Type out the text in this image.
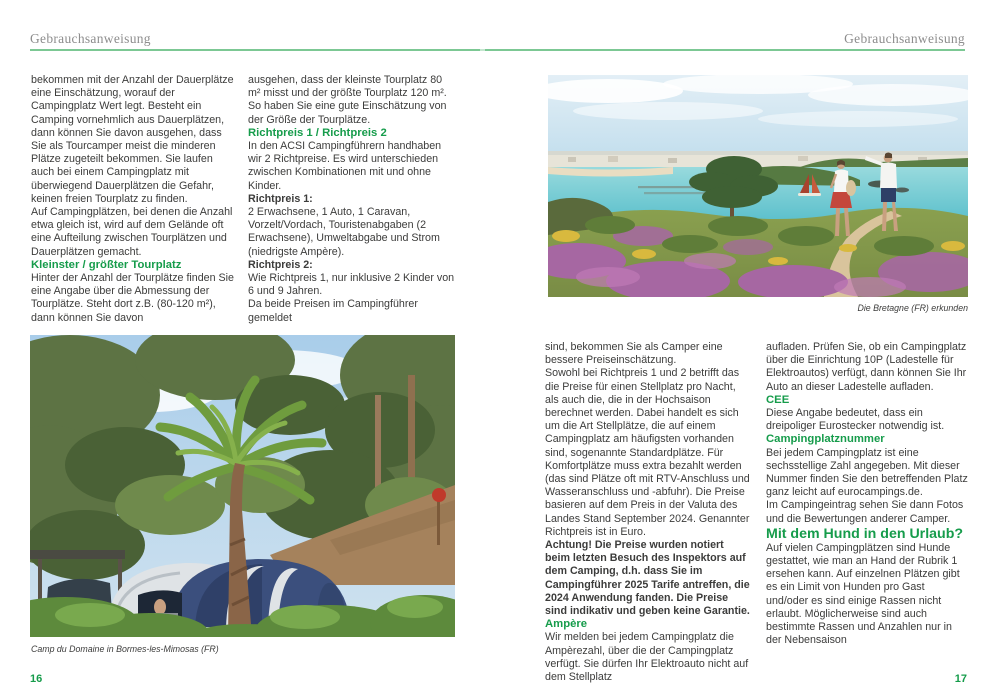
Gebrauchsanweisung	Gebrauchsanweisung

bekommen mit der Anzahl der Dauerplätze eine Einschätzung, worauf der Campingplatz Wert legt. Besteht ein Camping vornehmlich aus Dauerplätzen, dann können Sie davon ausgehen, dass Sie als Tourcamper meist die minderen Plätze zugeteilt bekommen. Sie laufen auch bei einem Campingplatz mit überwiegend Dauerplätzen die Gefahr, keinen freien Tourplatz zu finden.

Auf Campingplätzen, bei denen die Anzahl etwa gleich ist, wird auf dem Gelände oft eine Aufteilung zwischen Tourplätzen und Dauerplätzen gemacht.

Kleinster / größter Tourplatz

Hinter der Anzahl der Tourplätze finden Sie eine Angabe über die Abmessung der Tourplätze. Steht dort z.B. (80-120 m²), dann können Sie davon

ausgehen, dass der kleinste Tourplatz 80 m² misst und der größte Tourplatz 120 m². So haben Sie eine gute Einschätzung von der Größe der Tourplätze.

Richtpreis 1 / Richtpreis 2

In den ACSI Campingführern handhaben wir 2 Richtpreise. Es wird unterschieden zwischen Kombinationen mit und ohne Kinder.

Richtpreis 1:

2 Erwachsene, 1 Auto, 1 Caravan, Vorzelt/Vordach, Touristenabgaben (2 Erwachsene), Umweltabgabe und Strom (niedrigste Ampère).

Richtpreis 2:

Wie Richtpreis 1, nur inklusive 2 Kinder von 6 und 9 Jahren.

Da beide Preisen im Campingführer gemeldet

Camp du Domaine in Bormes-les-Mimosas (FR)
Die Bretagne (FR) erkunden

sind, bekommen Sie als Camper eine bessere Preiseinschätzung.

Sowohl bei Richtpreis 1 und 2 betrifft das die Preise für einen Stellplatz pro Nacht, als auch die, die in der Hochsaison berechnet werden. Dabei handelt es sich um die Art Stellplätze, die auf einem Campingplatz am häufigsten vorhanden sind, sogenannte Standardplätze. Für Komfortplätze muss extra bezahlt werden (das sind Plätze oft mit RTV-Anschluss und Wasseranschluss und -abfuhr). Die Preise basieren auf dem Preis in der Valuta des Landes Stand September 2024. Genannter Richtpreis ist in Euro.

Achtung! Die Preise wurden notiert beim letzten Besuch des Inspektors auf dem Camping, d.h. dass Sie im Campingführer 2025 Tarife antreffen, die 2024 Anwendung fanden. Die Preise sind indikativ und geben keine Garantie.

Ampère

Wir melden bei jedem Campingplatz die Ampèrezahl, über die der Campingplatz verfügt. Sie dürfen Ihr Elektroauto nicht auf dem Stellplatz

aufladen. Prüfen Sie, ob ein Campingplatz über die Einrichtung 10P (Ladestelle für Elektroautos) verfügt, dann können Sie Ihr Auto an dieser Ladestelle aufladen.

CEE

Diese Angabe bedeutet, dass ein dreipoliger Eurostecker notwendig ist.

Campingplatznummer

Bei jedem Campingplatz ist eine sechsstellige Zahl angegeben. Mit dieser Nummer finden Sie den betreffenden Platz ganz leicht auf eurocampings.de.

Im Campingeintrag sehen Sie dann Fotos und die Bewertungen anderer Camper.

Mit dem Hund in den Urlaub?

Auf vielen Campingplätzen sind Hunde gestattet, wie man an Hand der Rubrik 1 ersehen kann. Auf einzelnen Plätzen gibt es ein Limit von Hunden pro Gast und/oder es sind einige Rassen nicht erlaubt. Möglicherweise sind auch bestimmte Rassen und Anzahlen nur in der Nebensaison

16	17
